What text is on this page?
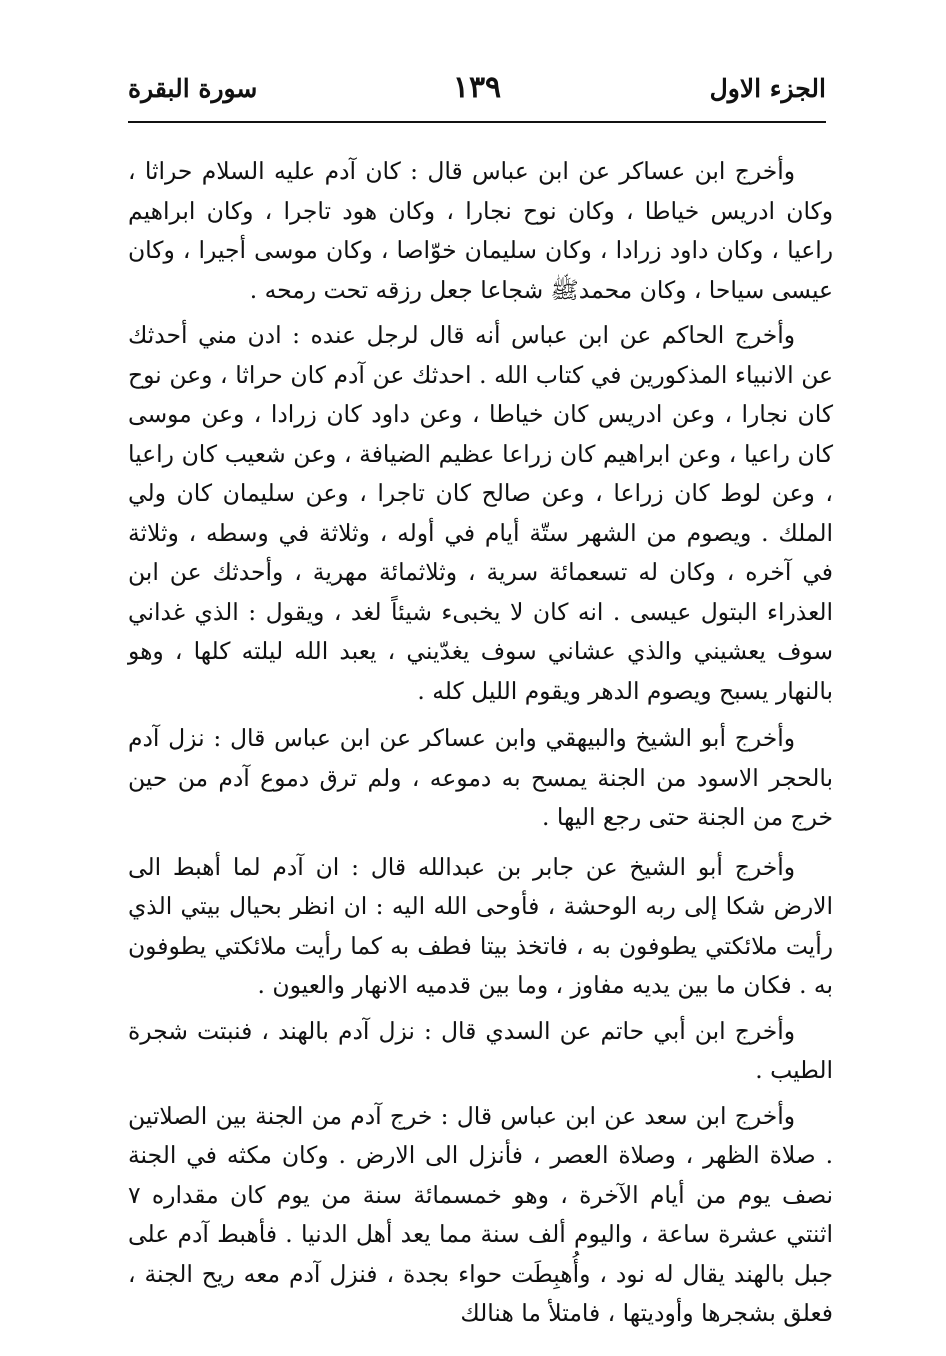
الجزء الاول
١٣٩
سورة البقرة

وأخرج ابن عساكر عن ابن عباس قال : كان آدم عليه السلام حراثا ، وكان ادريس خياطا ، وكان نوح نجارا ، وكان هود تاجرا ، وكان ابراهيم راعيا ، وكان داود زرادا ، وكان سليمان خوّاصا ، وكان موسى أجيرا ، وكان عيسى سياحا ، وكان محمدﷺ شجاعا جعل رزقه تحت رمحه .

وأخرج الحاكم عن ابن عباس أنه قال لرجل عنده : ادن مني أحدثك عن الانبياء المذكورين في كتاب الله . احدثك عن آدم كان حراثا ، وعن نوح كان نجارا ، وعن ادريس كان خياطا ، وعن داود كان زرادا ، وعن موسى كان راعيا ، وعن ابراهيم كان زراعا عظيم الضيافة ، وعن شعيب كان راعيا ، وعن لوط كان زراعا ، وعن صالح كان تاجرا ، وعن سليمان كان ولي الملك . ويصوم من الشهر ستّة أيام في أوله ، وثلاثة في وسطه ، وثلاثة في آخره ، وكان له تسعمائة سرية ، وثلاثمائة مهرية ، وأحدثك عن ابن العذراء البتول عيسى . انه كان لا يخبىء شيئاً لغد ، ويقول : الذي غداني سوف يعشيني والذي عشاني سوف يغدّيني ، يعبد الله ليلته كلها ، وهو بالنهار يسبح ويصوم الدهر ويقوم الليل كله .

وأخرج أبو الشيخ والبيهقي وابن عساكر عن ابن عباس قال : نزل آدم بالحجر الاسود من الجنة يمسح به دموعه ، ولم ترق دموع آدم من حين خرج من الجنة حتى رجع اليها .

وأخرج أبو الشيخ عن جابر بن عبدالله قال : ان آدم لما أهبط الى الارض شكا إلى ربه الوحشة ، فأوحى الله اليه : ان انظر بحيال بيتي الذي رأيت ملائكتي يطوفون به ، فاتخذ بيتا فطف به كما رأيت ملائكتي يطوفون به . فكان ما بين يديه مفاوز ، وما بين قدميه الانهار والعيون .

وأخرج ابن أبي حاتم عن السدي قال : نزل آدم بالهند ، فنبتت شجرة الطيب .

وأخرج ابن سعد عن ابن عباس قال : خرج آدم من الجنة بين الصلاتين . صلاة الظهر ، وصلاة العصر ، فأنزل الى الارض . وكان مكثه في الجنة نصف يوم من أيام الآخرة ، وهو خمسمائة سنة من يوم كان مقداره ٧ اثنتي عشرة ساعة ، واليوم ألف سنة مما يعد أهل الدنيا . فأهبط آدم على جبل بالهند يقال له نود ، وأُهبِطَت حواء بجدة ، فنزل آدم معه ريح الجنة ، فعلق بشجرها وأوديتها ، فامتلأ ما هنالك
